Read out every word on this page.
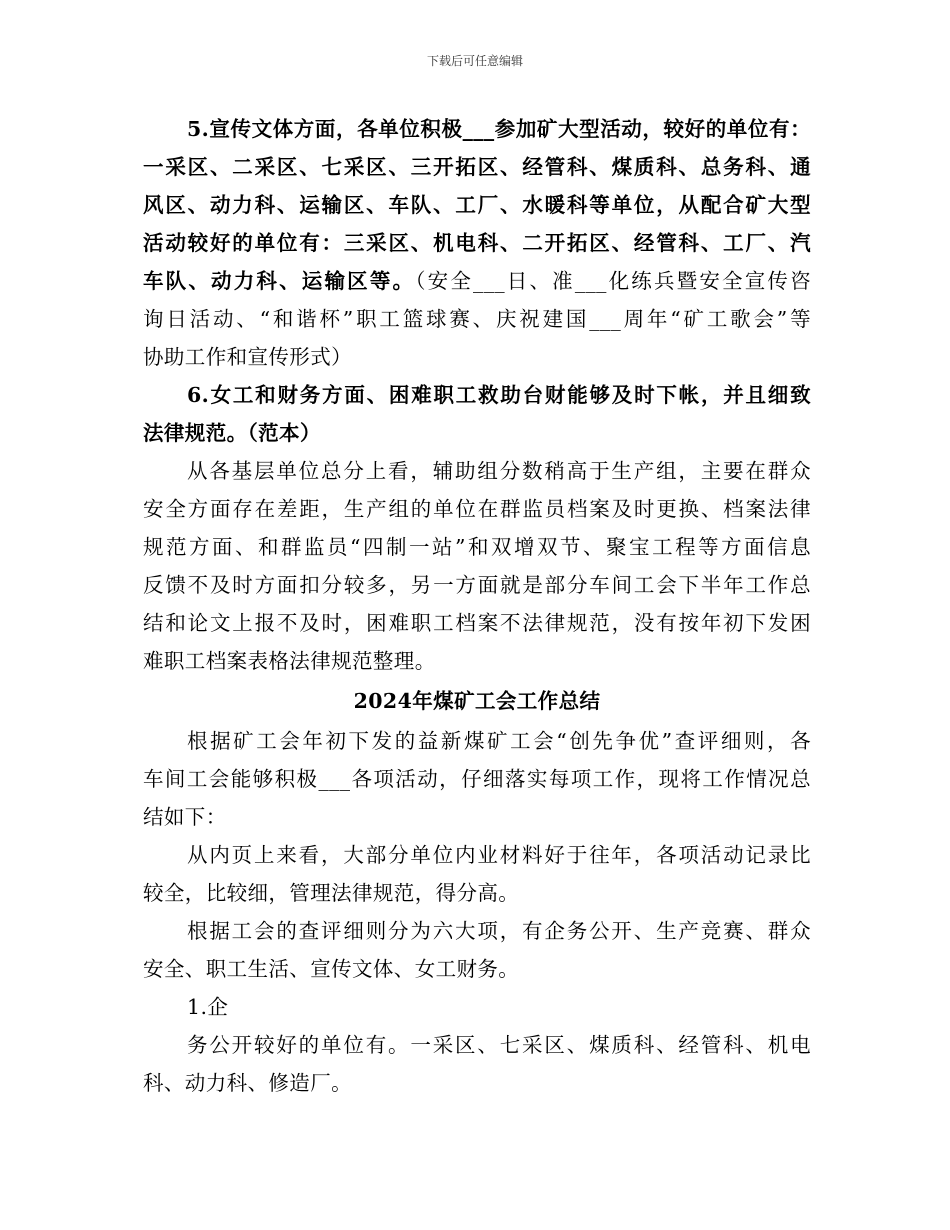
下载后可任意编辑
5.宣传文体方面，各单位积极___参加矿大型活动，较好的单位有：
一采区、二采区、七采区、三开拓区、经管科、煤质科、总务科、通
风区、动力科、运输区、车队、工厂、水暖科等单位，从配合矿大型
活动较好的单位有：三采区、机电科、二开拓区、经管科、工厂、汽
车队、动力科、运输区等。（安全___日、准___化练兵暨安全宣传咨
询日活动、“和谐杯”职工篮球赛、庆祝建国___周年“矿工歌会”等
协助工作和宣传形式）
6.女工和财务方面、困难职工救助台财能够及时下帐，并且细致
法律规范。（范本）
从各基层单位总分上看，辅助组分数稍高于生产组，主要在群众
安全方面存在差距，生产组的单位在群监员档案及时更换、档案法律
规范方面、和群监员“四制一站”和双增双节、聚宝工程等方面信息
反馈不及时方面扣分较多，另一方面就是部分车间工会下半年工作总
结和论文上报不及时，困难职工档案不法律规范，没有按年初下发困
难职工档案表格法律规范整理。
2024年煤矿工会工作总结
根据矿工会年初下发的益新煤矿工会“创先争优”查评细则，各
车间工会能够积极___各项活动，仔细落实每项工作，现将工作情况总
结如下：
从内页上来看，大部分单位内业材料好于往年，各项活动记录比
较全，比较细，管理法律规范，得分高。
根据工会的查评细则分为六大项，有企务公开、生产竞赛、群众
安全、职工生活、宣传文体、女工财务。
1.企
务公开较好的单位有。一采区、七采区、煤质科、经管科、机电
科、动力科、修造厂。
